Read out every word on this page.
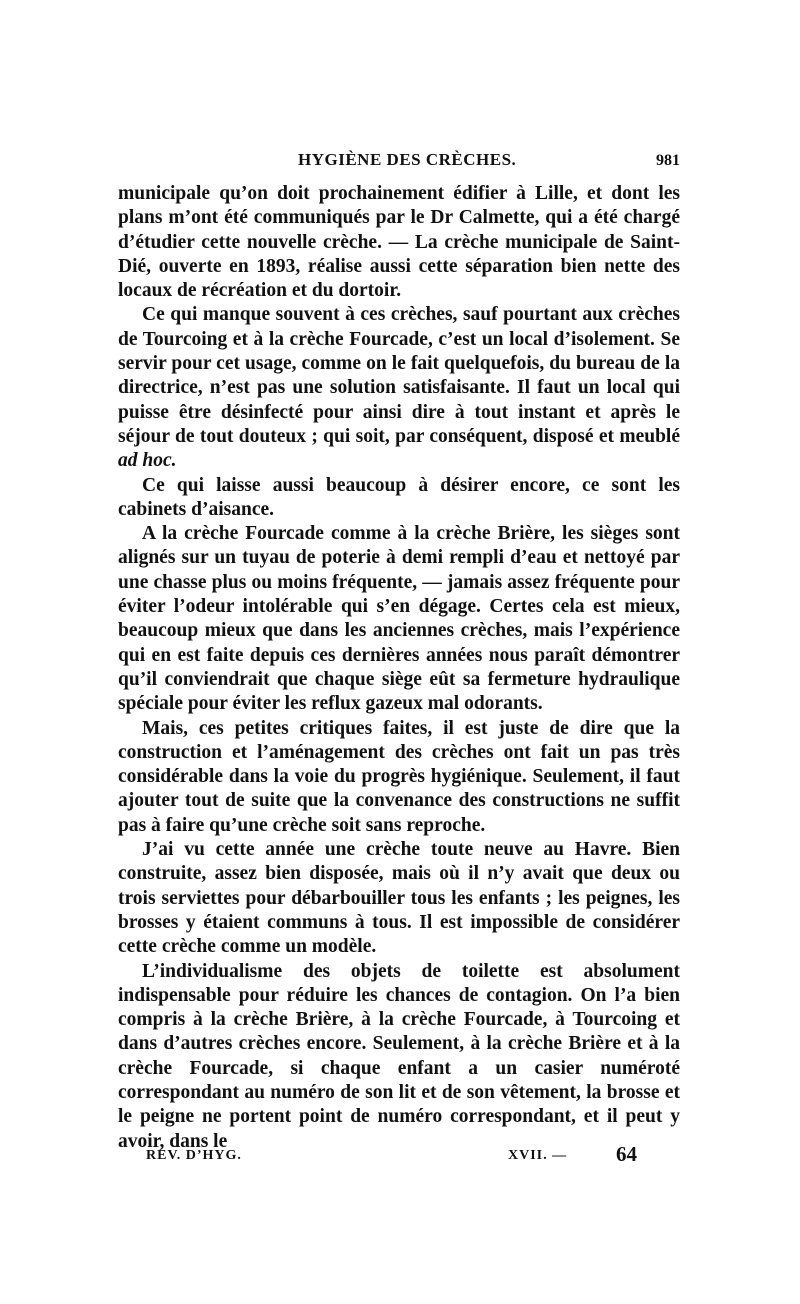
HYGIÈNE DES CRÈCHES.	981

municipale qu’on doit prochainement édifier à Lille, et dont les plans m’ont été communiqués par le Dr Calmette, qui a été chargé d’étudier cette nouvelle crèche. — La crèche municipale de Saint-Dié, ouverte en 1893, réalise aussi cette séparation bien nette des locaux de récréation et du dortoir.

Ce qui manque souvent à ces crèches, sauf pourtant aux crèches de Tourcoing et à la crèche Fourcade, c’est un local d’isolement. Se servir pour cet usage, comme on le fait quelquefois, du bureau de la directrice, n’est pas une solution satisfaisante. Il faut un local qui puisse être désinfecté pour ainsi dire à tout instant et après le séjour de tout douteux ; qui soit, par conséquent, disposé et meublé ad hoc.

Ce qui laisse aussi beaucoup à désirer encore, ce sont les cabinets d’aisance.

A la crèche Fourcade comme à la crèche Brière, les sièges sont alignés sur un tuyau de poterie à demi rempli d’eau et nettoyé par une chasse plus ou moins fréquente, — jamais assez fréquente pour éviter l’odeur intolérable qui s’en dégage. Certes cela est mieux, beaucoup mieux que dans les anciennes crèches, mais l’expérience qui en est faite depuis ces dernières années nous paraît démontrer qu’il conviendrait que chaque siège eût sa fermeture hydraulique spéciale pour éviter les reflux gazeux mal odorants.

Mais, ces petites critiques faites, il est juste de dire que la construction et l’aménagement des crèches ont fait un pas très considérable dans la voie du progrès hygiénique. Seulement, il faut ajouter tout de suite que la convenance des constructions ne suffit pas à faire qu’une crèche soit sans reproche.

J’ai vu cette année une crèche toute neuve au Havre. Bien construite, assez bien disposée, mais où il n’y avait que deux ou trois serviettes pour débarbouiller tous les enfants ; les peignes, les brosses y étaient communs à tous. Il est impossible de considérer cette crèche comme un modèle.

L’individualisme des objets de toilette est absolument indispensable pour réduire les chances de contagion. On l’a bien compris à la crèche Brière, à la crèche Fourcade, à Tourcoing et dans d’autres crèches encore. Seulement, à la crèche Brière et à la crèche Fourcade, si chaque enfant a un casier numéroté correspondant au numéro de son lit et de son vêtement, la brosse et le peigne ne portent point de numéro correspondant, et il peut y avoir, dans le

REV. D’HYG.	XVII. — 64
